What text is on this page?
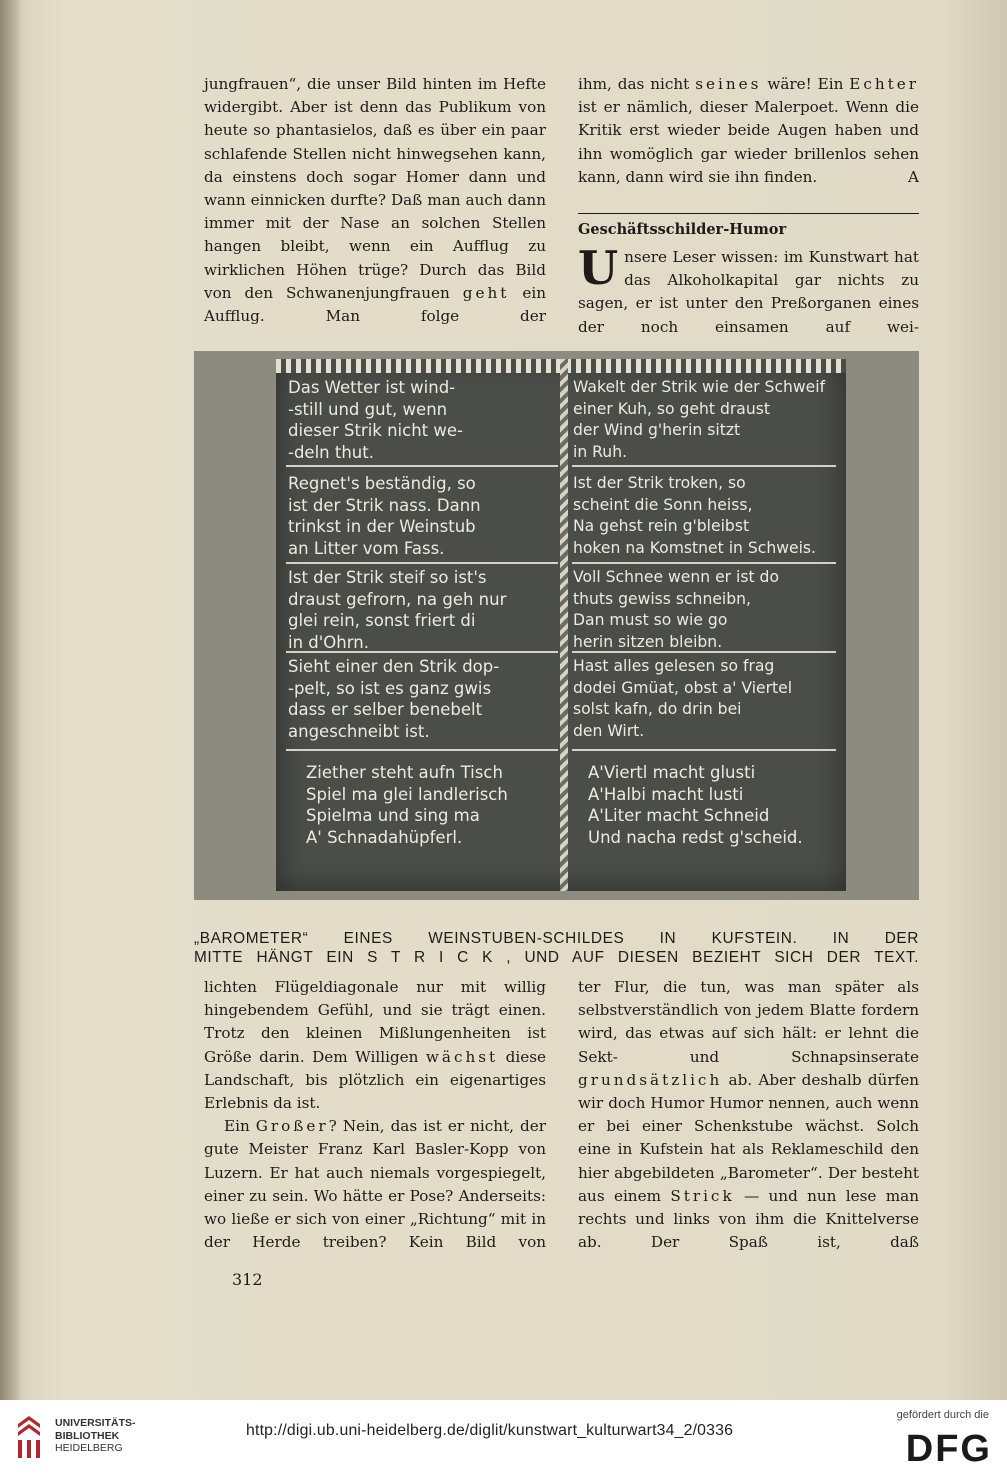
jungfrauen“, die unser Bild hinten im Hefte widergibt. Aber ist denn das Publikum von heute so phantasielos, daß es über ein paar schlafende Stellen nicht hinwegsehen kann, da einstens doch sogar Homer dann und wann einnicken durfte? Daß man auch dann immer mit der Nase an solchen Stellen hangen bleibt, wenn ein Aufflug zu wirklichen Höhen trüge? Durch das Bild von den Schwanenjungfrauen geht ein Aufflug. Man folge der

ihm, das nicht seines wäre! Ein Echter ist er nämlich, dieser Malerpoet. Wenn die Kritik erst wieder beide Augen haben und ihn womöglich gar wieder brillenlos sehen kann, dann wird sie ihn finden.	A

Geschäftsschilder-Humor

Unsere Leser wissen: im Kunstwart hat das Alkoholkapital gar nichts zu sagen, er ist unter den Preßorganen eines der noch einsamen auf wei-

Das Wetter ist wind-
-still und gut, wenn
dieser Strik nicht we-
-deln thut.
Regnet's beständig, so
ist der Strik nass. Dann
trinkst in der Weinstub
an Litter vom Fass.
Ist der Strik steif so ist's
draust gefrorn, na geh nur
glei rein, sonst friert di
in d'Ohrn.
Sieht einer den Strik dop-
-pelt, so ist es ganz gwis
dass er selber benebelt
angeschneibt ist.
Ziether steht aufn Tisch
Spiel ma glei landlerisch
Spielma und sing ma
A' Schnadahüpferl.
Wakelt der Strik wie der Schweif
einer Kuh, so geht draust
der Wind g'herin sitzt
in Ruh.
Ist der Strik troken, so
scheint die Sonn heiss,
Na gehst rein g'bleibst
hoken na Komstnet in Schweis.
Voll Schnee wenn er ist do
thuts gewiss schneibn,
Dan must so wie go
herin sitzen bleibn.
Hast alles gelesen so frag
dodei Gmüat, obst a' Viertel
solst kafn, do drin bei
den Wirt.
A'Viertl macht glusti
A'Halbi macht lusti
A'Liter macht Schneid
Und nacha redst g'scheid.
„BAROMETER“ EINES WEINSTUBEN-SCHILDES IN KUFSTEIN. IN DER
MITTE HÄNGT EIN S T R I C K , UND AUF DIESEN BEZIEHT SICH DER TEXT.

lichten Flügeldiagonale nur mit willig hingebendem Gefühl, und sie trägt einen. Trotz den kleinen Mißlungenheiten ist Größe darin. Dem Willigen wächst diese Landschaft, bis plötzlich ein eigenartiges Erlebnis da ist.

Ein Großer? Nein, das ist er nicht, der gute Meister Franz Karl Basler-Kopp von Luzern. Er hat auch niemals vorgespiegelt, einer zu sein. Wo hätte er Pose? Anderseits: wo ließe er sich von einer „Richtung“ mit in der Herde treiben? Kein Bild von

ter Flur, die tun, was man später als selbstverständlich von jedem Blatte fordern wird, das etwas auf sich hält: er lehnt die Sekt- und Schnapsinserate grundsätzlich ab. Aber deshalb dürfen wir doch Humor Humor nennen, auch wenn er bei einer Schenkstube wächst. Solch eine in Kufstein hat als Reklameschild den hier abgebildeten „Barometer“. Der besteht aus einem Strick — und nun lese man rechts und links von ihm die Knittelverse ab. Der Spaß ist, daß

312
UNIVERSITÄTS-
BIBLIOTHEK
HEIDELBERG
http://digi.ub.uni-heidelberg.de/diglit/kunstwart_kulturwart34_2/0336
gefördert durch die
DFG
